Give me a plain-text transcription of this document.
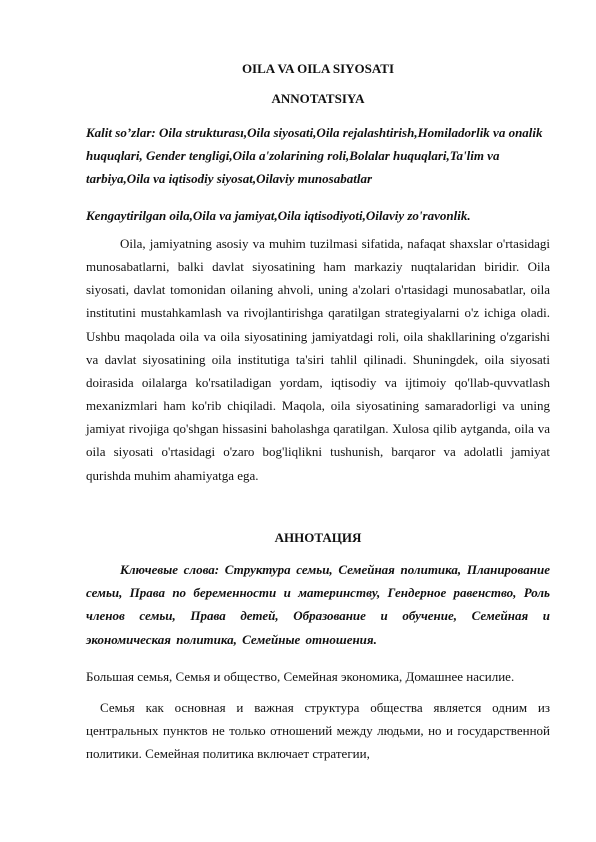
OILA VA OILA SIYOSATI
ANNOTATSIYA

Kalit so’zlar: Oila strukturası,Oila siyosati,Oila rejalashtirish,Homiladorlik va onalik huquqlari, Gender tengligi,Oila a'zolarining roli,Bolalar huquqlari,Ta'lim va tarbiya,Oila va iqtisodiy siyosat,Oilaviy munosabatlar

Kengaytirilgan oila,Oila va jamiyat,Oila iqtisodiyoti,Oilaviy zo'ravonlik.

Oila, jamiyatning asosiy va muhim tuzilmasi sifatida, nafaqat shaxslar o'rtasidagi munosabatlarni, balki davlat siyosatining ham markaziy nuqtalaridan biridir. Oila siyosati, davlat tomonidan oilaning ahvoli, uning a'zolari o'rtasidagi munosabatlar, oila institutini mustahkamlash va rivojlantirishga qaratilgan strategiyalarni o'z ichiga oladi. Ushbu maqolada oila va oila siyosatining jamiyatdagi roli, oila shakllarining o'zgarishi va davlat siyosatining oila institutiga ta'siri tahlil qilinadi. Shuningdek, oila siyosati doirasida oilalarga ko'rsatiladigan yordam, iqtisodiy va ijtimoiy qo'llab-quvvatlash mexanizmlari ham ko'rib chiqiladi. Maqola, oila siyosatining samaradorligi va uning jamiyat rivojiga qo'shgan hissasini baholashga qaratilgan. Xulosa qilib aytganda, oila va oila siyosati o'rtasidagi o'zaro bog'liqlikni tushunish, barqaror va adolatli jamiyat qurishda muhim ahamiyatga ega.

АННОТАЦИЯ

Ключевые слова: Структура семьи, Семейная политика, Планирование семьи, Права по беременности и материнству, Гендерное равенство, Роль членов семьи, Права детей, Образование и обучение, Семейная и экономическая политика, Семейные отношения.

Большая семья, Семья и общество, Семейная экономика, Домашнее насилие.

Семья как основная и важная структура общества является одним из центральных пунктов не только отношений между людьми, но и государственной политики. Семейная политика включает стратегии,
